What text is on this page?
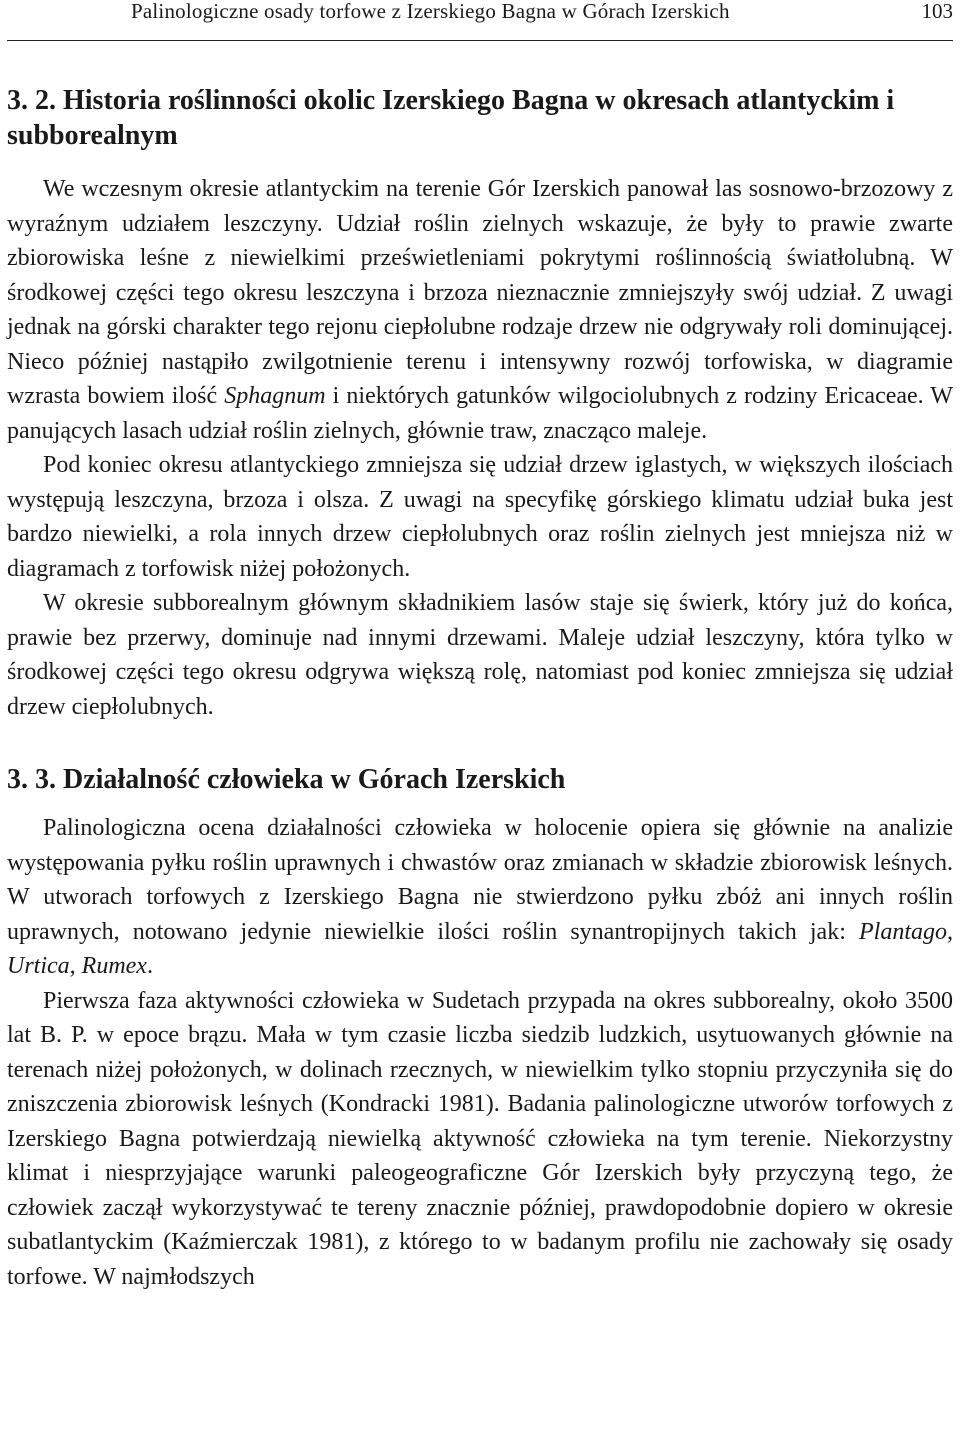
Palinologiczne osady torfowe z Izerskiego Bagna w Górach Izerskich	103
3. 2. Historia roślinności okolic Izerskiego Bagna w okresach atlantyckim i subborealnym

We wczesnym okresie atlantyckim na terenie Gór Izerskich panował las sosnowo-brzozowy z wyraźnym udziałem leszczyny. Udział roślin zielnych wskazuje, że były to prawie zwarte zbiorowiska leśne z niewielkimi prześwietleniami pokrytymi roślinnością światłolubną. W środkowej części tego okresu leszczyna i brzoza nieznacznie zmniejszyły swój udział. Z uwagi jednak na górski charakter tego rejonu ciepłolubne rodzaje drzew nie odgrywały roli dominującej. Nieco później nastąpiło zwilgotnienie terenu i intensywny rozwój torfowiska, w diagramie wzrasta bowiem ilość Sphagnum i niektórych gatunków wilgociolubnych z rodziny Ericaceae. W panujących lasach udział roślin zielnych, głównie traw, znacząco maleje.

Pod koniec okresu atlantyckiego zmniejsza się udział drzew iglastych, w większych ilościach występują leszczyna, brzoza i olsza. Z uwagi na specyfikę górskiego klimatu udział buka jest bardzo niewielki, a rola innych drzew ciepłolubnych oraz roślin zielnych jest mniejsza niż w diagramach z torfowisk niżej położonych.

W okresie subborealnym głównym składnikiem lasów staje się świerk, który już do końca, prawie bez przerwy, dominuje nad innymi drzewami. Maleje udział leszczyny, która tylko w środkowej części tego okresu odgrywa większą rolę, natomiast pod koniec zmniejsza się udział drzew ciepłolubnych.

3. 3. Działalność człowieka w Górach Izerskich

Palinologiczna ocena działalności człowieka w holocenie opiera się głównie na analizie występowania pyłku roślin uprawnych i chwastów oraz zmianach w składzie zbiorowisk leśnych. W utworach torfowych z Izerskiego Bagna nie stwierdzono pyłku zbóż ani innych roślin uprawnych, notowano jedynie niewielkie ilości roślin synantropijnych takich jak: Plantago, Urtica, Rumex.

Pierwsza faza aktywności człowieka w Sudetach przypada na okres subborealny, około 3500 lat B. P. w epoce brązu. Mała w tym czasie liczba siedzib ludzkich, usytuowanych głównie na terenach niżej położonych, w dolinach rzecznych, w niewielkim tylko stopniu przyczyniła się do zniszczenia zbiorowisk leśnych (Kondracki 1981). Badania palinologiczne utworów torfowych z Izerskiego Bagna potwierdzają niewielką aktywność człowieka na tym terenie. Niekorzystny klimat i niesprzyjające warunki paleogeograficzne Gór Izerskich były przyczyną tego, że człowiek zaczął wykorzystywać te tereny znacznie później, prawdopodobnie dopiero w okresie subatlantyckim (Kaźmierczak 1981), z którego to w badanym profilu nie zachowały się osady torfowe. W najmłodszych
